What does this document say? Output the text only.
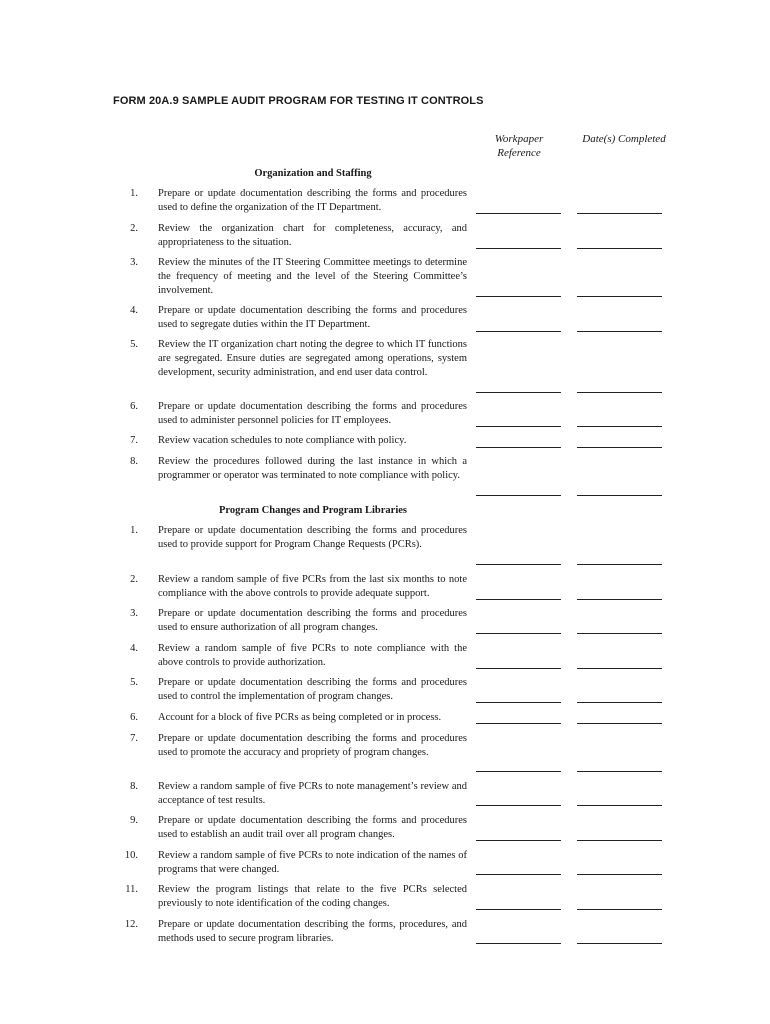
FORM 20A.9 SAMPLE AUDIT PROGRAM FOR TESTING IT CONTROLS
Workpaper
Reference
Date(s) Completed
Organization and Staffing
1. Prepare or update documentation describing the forms and procedures used to define the organization of the IT Department.
2. Review the organization chart for completeness, accuracy, and appropriateness to the situation.
3. Review the minutes of the IT Steering Committee meetings to determine the frequency of meeting and the level of the Steering Committee’s involvement.
4. Prepare or update documentation describing the forms and procedures used to segregate duties within the IT Department.
5. Review the IT organization chart noting the degree to which IT functions are segregated. Ensure duties are segregated among operations, system development, security administration, and end user data control.
6. Prepare or update documentation describing the forms and procedures used to administer personnel policies for IT employees.
7. Review vacation schedules to note compliance with policy.
8. Review the procedures followed during the last instance in which a programmer or operator was terminated to note compliance with policy.
Program Changes and Program Libraries
1. Prepare or update documentation describing the forms and procedures used to provide support for Program Change Requests (PCRs).
2. Review a random sample of five PCRs from the last six months to note compliance with the above controls to provide adequate support.
3. Prepare or update documentation describing the forms and procedures used to ensure authorization of all program changes.
4. Review a random sample of five PCRs to note compliance with the above controls to provide authorization.
5. Prepare or update documentation describing the forms and procedures used to control the implementation of program changes.
6. Account for a block of five PCRs as being completed or in process.
7. Prepare or update documentation describing the forms and procedures used to promote the accuracy and propriety of program changes.
8. Review a random sample of five PCRs to note management’s review and acceptance of test results.
9. Prepare or update documentation describing the forms and procedures used to establish an audit trail over all program changes.
10. Review a random sample of five PCRs to note indication of the names of programs that were changed.
11. Review the program listings that relate to the five PCRs selected previously to note identification of the coding changes.
12. Prepare or update documentation describing the forms, procedures, and methods used to secure program libraries.
